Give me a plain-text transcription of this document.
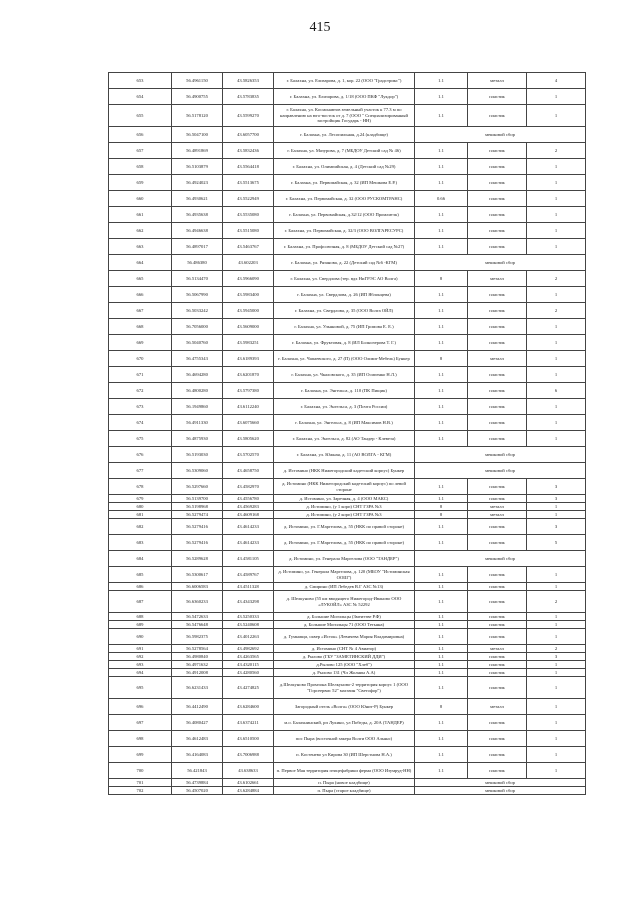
415
653	56.4961150	43.5826353	г. Балахна, ул. Елизарова, д. 1, кор. 22 (ООО "Градстрикс")	1.1	металл	4
654	56.4900755	43.5783835	г. Балахна, ул. Елизарова, д. 1/18 (ООО ПКФ "Лукдор")	1.1	пластик	1
655	56.5178120	43.5599270	г. Балахна, ул. Космонавтов земельный участок к 77.3 м по направлению на юго-восток от д. 7 (ООО " Специализированный застройщик Государь - НН)	1.1	пластик	1
656	56.5047100	43.6057700	г. Балахна, ул. Лесопильная, д.24 (кладбище)	мешковой сбор		
657	56.4891869	43.5832436	г. Балахна, ул. Мазурова, д. 7 (МБДОУ Детский сад № 46)	1.1	пластик	2
658	56.5103879	43.5564418	г. Балахна, ул. Олимпийская, д. 4 (Детский сад №29)	1.1	пластик	1
659	56.4924023	43.5513675	г. Балахна, ул. Первомайская, д. 32 (ИП Мешкова Е.Р.)	1.1	пластик	1
660	56.4930621	43.5522949	г. Балахна, ул. Первомайская, д. 32 (ООО РУСКОМТРАНС)	0.66	пластик	1
661	56.4935638	43.5535080	г. Балахна, ул. Первомайская, д.32/12 (ООО Промлитэк)	1.1	пластик	1
662	56.4946638	43.5515080	г. Балахна, ул. Первомайская, д. 32/3 (ООО ВОЛГАРЕСУРС)	1.1	пластик	1
663	56.4897017	43.5463767	г. Балахна, ул. Профсоюзная, д. 8 (МБДОУ Детский сад №27)	1.1	пластик	1
664	56.486380	43.602203	г. Балахна, ул. Рязанова, д. 22 (Детский сад №6 -КГМ)	мешковой сбор		
665	56.5134470	43.5966090	г. Балахна, ул. Свердлова (тер. вдх НиГРЭС АО Волга)	8	металл	2
666	56.5067990	43.5983400	г. Балахна, ул. Свердлова, д. 26 (ИП Яблонцева)	1.1	пластик	1
667	56.5033242	43.5945000	г. Балахна, ул. Свердлова, д. 35 (ООО Волга ОЙЛ)	1.1	пластик	2
668	56.7056000	43.5609000	г. Балахна, ул. Ульяновой, д. 75 (ИП Громова Е. Е.)	1.1	пластик	1
669	56.5040760	43.5983251	г. Балахна, ул. Фруктовая, д. 8 (ИЛ Болнозерова Т. Г.)	1.1	пластик	1
670	56.4755343	43.6189393	г. Балахна, ул. Чапаевского, д. 27 (П) (ООО Олимп-Мебель) Бункер	8	металл	1
671	56.4694280	43.6201870	г. Балахна, ул. Чкаловского, д. 35 (ИП Осипенко Н.Л.)	1.1	пластик	1
672	56.4800280	43.5797380	г. Балахна, ул. Энгельса, д. 110 (ПК Пищик)	1.1	пластик	6
673	56.1949860	43.6112240	г. Балахна, ул. Энгельса, д. 3 (Почта России)	1.1	пластик	1
674	56.4911330	43.6075660	г. Балахна, ул. Энгельса, д. 8 (ИП Максимов Н.В.)	1.1	пластик	1
675	56.4875930	43.5805620	г. Балахна, ул. Энгельса, д. 82 (АО Тандер - Клевеза)	1.1	пластик	1
676	56.5193030	43.5702570	г. Балахна, ул. Южная, д. 11 (АО ВОЛГА - КГМ)	мешковой сбор		
677	56.5309060	43.4658750	д. Истомино (НКК Нижегородский кадетский корпус) Бункер	мешковой сбор		
678	56.5297660	43.4582970	д. Истомино (НКК Нижегородский кадетский корпус) по левой стороне	1.1	пластик	3
679	56.5139700	43.4556780	д. Истомино, ул. Заречная, д. 4 (ООО МАКС)	1.1	пластик	3
680	56.5198968	43.4569283	д. Истомино, (у 1 корп) СНТ ГЗРА №3	8	металл	1
681	56.5279474	43.4609168	д. Истомино, (у 2 корп) СНТ ГЗРА №3	8	металл	1
682	56.5279416	43.4614233	д. Истомино, ул. Г.Маргелова, д. 55 (НКК по правой стороне)	1.1	пластик	3
683	56.5279416	43.4614233	д. Истомино, ул. Г.Маргелова, д. 55 (НКК по правой стороне)	1.1	пластик	5
684	56.5289628	43.4581105	д. Истомино, ул. Генерала Маргелова (ООО "ТАНДЕР")	мешковой сбор		
685	56.5300617	43.4589767	д. Истомино, ул. Генерала Маргелова, д. 120 (МБОУ "Истоминская ООШ")	1.1	пластик	1
686	56.6006583	43.4511328	д. Смирино (ИП Лебедев В.Г АЗС №13)	1.1	пластик	1
687	56.6360233	43.4343298	д. Шелкуново (55 км вводящего Нижегород-Иваново ООО «ЛУКОЙЛ» АЗС № 52292	1.1	пластик	2
688	56.5472633	43.5250333	д. Большие Могильцы (Змеиттве Р.Ф)	1.1	пластик	1
689	56.5476648	43.5240608	д. Большие Могильцы 71 (ООО Тетьяна)	1.1	пластик	1
690	56.5982375	43.4012263	д. Гумнищи, сквер «Исток» (Левичева Мария Владимировна)	1.1	пластик	1
691	56.5278564	43.4982692	д. Истомино (СНТ № 4 Авиатор)	1.1	металл	2
692	56.4980840	43.4263565	д. Рылово (ГБУ "ЗАМЕТИНСКИЙ ДДИ")	1.1	пластик	3
693	56.4971632	43.4320115	д.Рылово 125 (ООО "Хлеб")	1.1	пластик	1
694	56.4912008	43.4280560	д. Рылово 131 (Чл Жолнин А.А)	1.1	пластик	1
695	56.6231433	43.4274825	д.Шелкуново Промзона Шелкуново-2 территория корпус 1 (ООО "Горсеервис 52" магазин "Светофор")	1.1	пластик	1
696	56.4412490	43.6284600	Загородный отель «Волга» (ООО Юнит-Р) Бункер	8	металл	1
697	56.4080427	43.6374211	м.о. Балахнинский, рп Лукино, ул Победы, д. 20А (ТАНДЕР)	1.1	пластик	1
698	56.4612483	43.6510500	пос Пыра (восточной закера Волги ООО Альянс)	1.1	пластик	1
699	56.4164083	43.7006988	п. Костенево ул Кирова 30 (ИП Шерстнова Н.А.)	1.1	пластик	1
700	56.421843	43.638633	п. Первое Мая территория птицефабрики ферма (ООО Изумруд-НН)	1.1	пластик	1
701	56.4739884	43.6102661	п. Пыра (новое кладбище)	мешковой сбор		
702	56.4507020	43.6284884	п. Пыра (старое кладбище)	мешковой сбор		
